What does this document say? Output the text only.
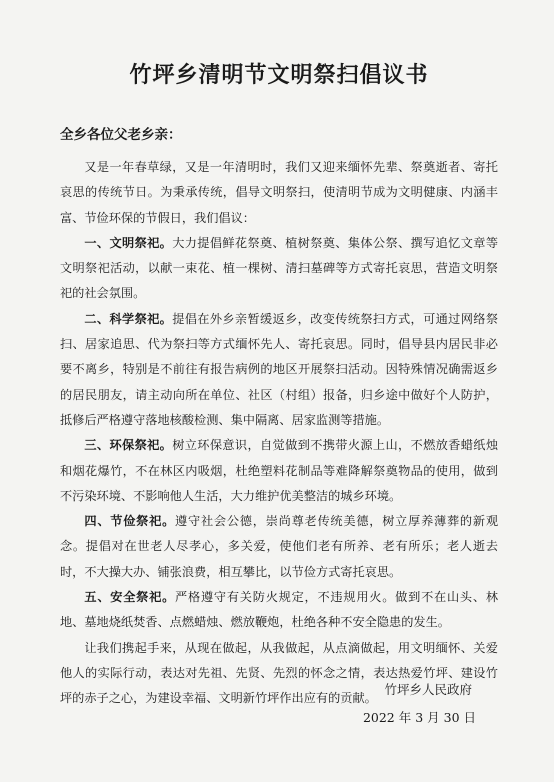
竹坪乡清明节文明祭扫倡议书

全乡各位父老乡亲：

又是一年春草绿，又是一年清明时，我们又迎来缅怀先辈、祭奠逝者、寄托哀思的传统节日。为秉承传统，倡导文明祭扫，使清明节成为文明健康、内涵丰富、节俭环保的节假日，我们倡议：

一、文明祭祀。大力提倡鲜花祭奠、植树祭奠、集体公祭、撰写追忆文章等文明祭祀活动，以献一束花、植一棵树、清扫墓碑等方式寄托哀思，营造文明祭祀的社会氛围。

二、科学祭祀。提倡在外乡亲暂缓返乡，改变传统祭扫方式，可通过网络祭扫、居家追思、代为祭扫等方式缅怀先人、寄托哀思。同时，倡导县内居民非必要不离乡，特别是不前往有报告病例的地区开展祭扫活动。因特殊情况确需返乡的居民朋友，请主动向所在单位、社区（村组）报备，归乡途中做好个人防护，抵修后严格遵守落地核酸检测、集中隔离、居家监测等措施。

三、环保祭祀。树立环保意识，自觉做到不携带火源上山，不燃放香蜡纸烛和烟花爆竹，不在林区内吸烟，杜绝塑料花制品等难降解祭奠物品的使用，做到不污染环境、不影响他人生活，大力维护优美整洁的城乡环境。

四、节俭祭祀。遵守社会公德，崇尚尊老传统美德，树立厚养薄葬的新观念。提倡对在世老人尽孝心，多关爱，使他们老有所养、老有所乐；老人逝去时，不大操大办、铺张浪费，相互攀比，以节俭方式寄托哀思。

五、安全祭祀。严格遵守有关防火规定，不违规用火。做到不在山头、林地、墓地烧纸焚香、点燃蜡烛、燃放鞭炮，杜绝各种不安全隐患的发生。

让我们携起手来，从现在做起，从我做起，从点滴做起，用文明缅怀、关爱他人的实际行动，表达对先祖、先贤、先烈的怀念之情，表达热爱竹坪、建设竹坪的赤子之心，为建设幸福、文明新竹坪作出应有的贡献。

竹坪乡人民政府
2022 年 3 月 30 日
